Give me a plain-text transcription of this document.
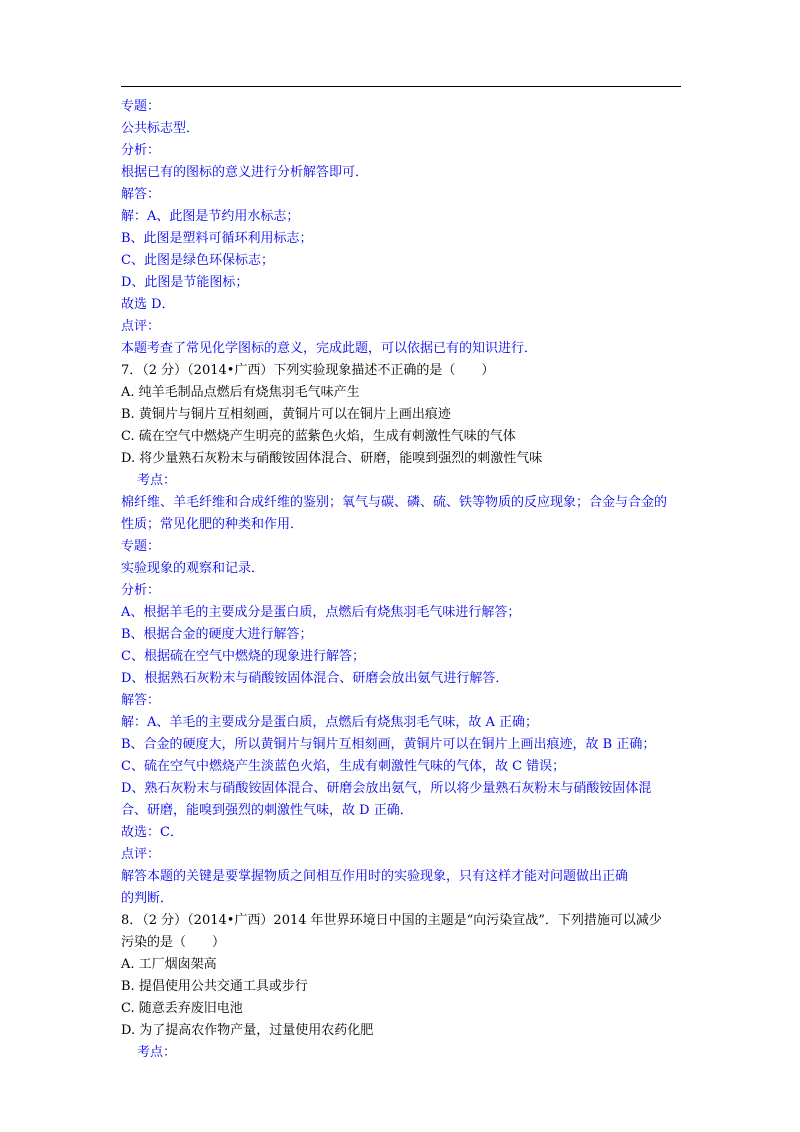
专题：
公共标志型．
分析：
根据已有的图标的意义进行分析解答即可．
解答：
解：A、此图是节约用水标志；
B、此图是塑料可循环利用标志；
C、此图是绿色环保标志；
D、此图是节能图标；
故选 D．
点评：
本题考查了常见化学图标的意义，完成此题，可以依据已有的知识进行．
7．（2 分）（2014•广西）下列实验现象描述不正确的是（　　）
A. 纯羊毛制品点燃后有烧焦羽毛气味产生
B. 黄铜片与铜片互相刻画，黄铜片可以在铜片上画出痕迹
C. 硫在空气中燃烧产生明亮的蓝紫色火焰，生成有刺激性气味的气体
D. 将少量熟石灰粉末与硝酸铵固体混合、研磨，能嗅到强烈的刺激性气味
考点：
棉纤维、羊毛纤维和合成纤维的鉴别；氧气与碳、磷、硫、铁等物质的反应现象；合金与合金的
性质；常见化肥的种类和作用．
专题：
实验现象的观察和记录．
分析：
A、根据羊毛的主要成分是蛋白质，点燃后有烧焦羽毛气味进行解答；
B、根据合金的硬度大进行解答；
C、根据硫在空气中燃烧的现象进行解答；
D、根据熟石灰粉末与硝酸铵固体混合、研磨会放出氨气进行解答．
解答：
解：A、羊毛的主要成分是蛋白质，点燃后有烧焦羽毛气味，故 A 正确；
B、合金的硬度大，所以黄铜片与铜片互相刻画，黄铜片可以在铜片上画出痕迹，故 B 正确；
C、硫在空气中燃烧产生淡蓝色火焰，生成有刺激性气味的气体，故 C 错误；
D、熟石灰粉末与硝酸铵固体混合、研磨会放出氨气，所以将少量熟石灰粉末与硝酸铵固体混
合、研磨，能嗅到强烈的刺激性气味，故 D 正确．
故选：C．
点评：
解答本题的关键是要掌握物质之间相互作用时的实验现象，只有这样才能对问题做出正确
的判断．
8．（2 分）（2014•广西）2014 年世界环境日中国的主题是“向污染宣战”．下列措施可以减少
污染的是（　　）
A. 工厂烟囱架高
B. 提倡使用公共交通工具或步行
C. 随意丢弃废旧电池
D. 为了提高农作物产量，过量使用农药化肥
考点：
